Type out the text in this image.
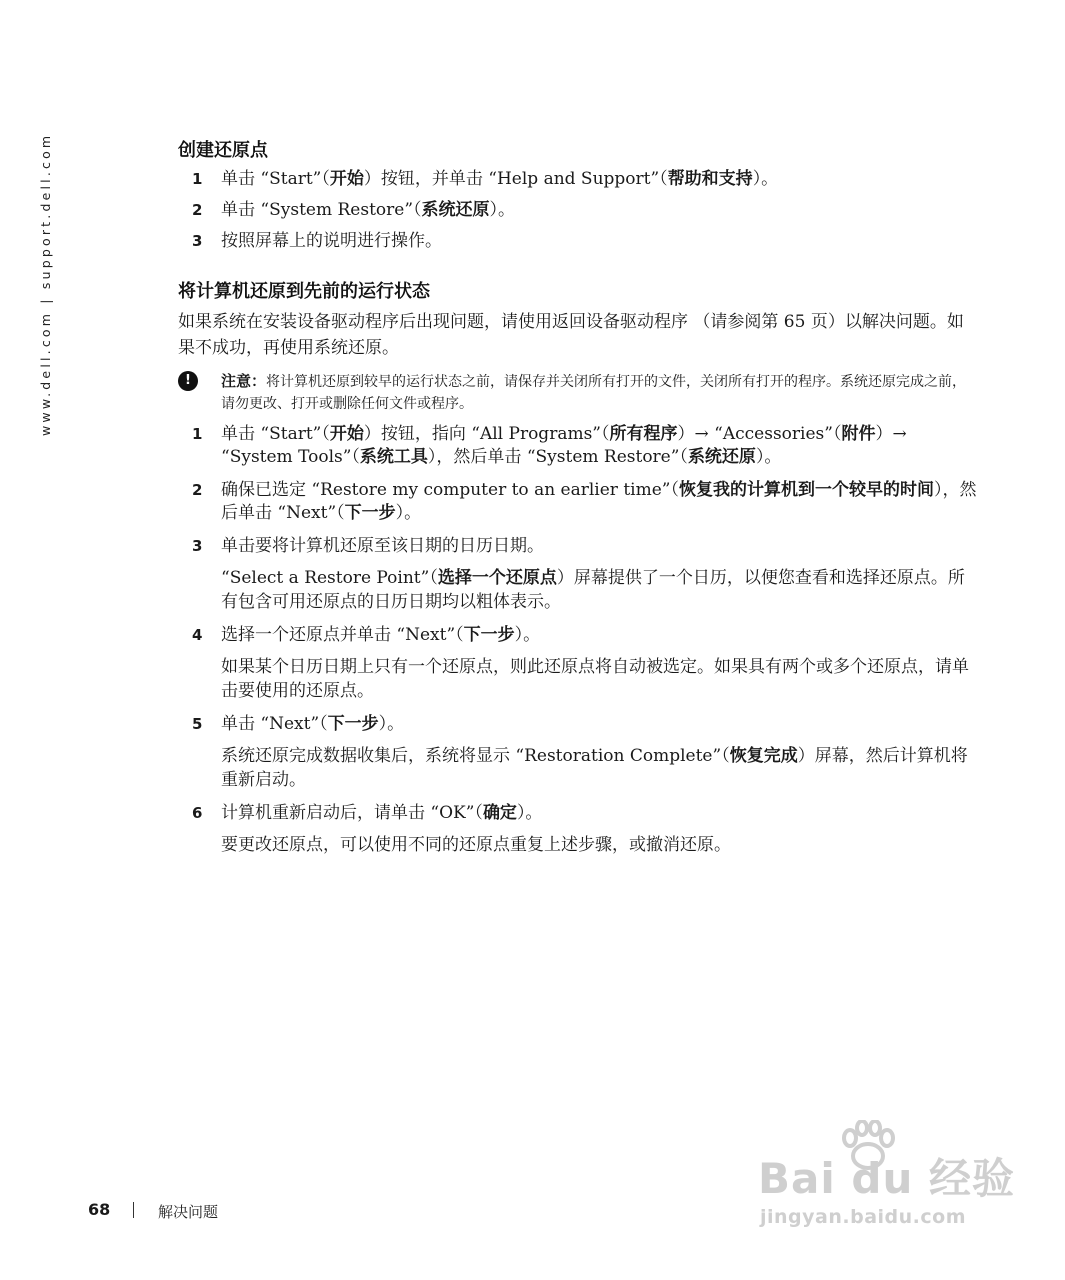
www.dell.com | support.dell.com	创建还原点
1 单击 “Start”（开始）按钮，并单击 “Help and Support”（帮助和支持）。
2 单击 “System Restore”（系统还原）。
3 按照屏幕上的说明进行操作。
将计算机还原到先前的运行状态
如果系统在安装设备驱动程序后出现问题，请使用返回设备驱动程序 （请参阅第 65 页）以解决问题。如果不成功，再使用系统还原。
!	注意：将计算机还原到较早的运行状态之前，请保存并关闭所有打开的文件，关闭所有打开的程序。系统还原完成之前，请勿更改、打开或删除任何文件或程序。
1 单击 “Start”（开始）按钮，指向 “All Programs”（所有程序）→ “Accessories”（附件）→ “System Tools”（系统工具），然后单击 “System Restore”（系统还原）。
2 确保已选定 “Restore my computer to an earlier time”（恢复我的计算机到一个较早的时间），然后单击 “Next”（下一步）。
3 单击要将计算机还原至该日期的日历日期。
“Select a Restore Point”（选择一个还原点）屏幕提供了一个日历，以便您查看和选择还原点。所有包含可用还原点的日历日期均以粗体表示。
4 选择一个还原点并单击 “Next”（下一步）。
如果某个日历日期上只有一个还原点，则此还原点将自动被选定。如果具有两个或多个还原点，请单击要使用的还原点。
5 单击 “Next”（下一步）。
系统还原完成数据收集后，系统将显示 “Restoration Complete”（恢复完成）屏幕，然后计算机将重新启动。
6 计算机重新启动后，请单击 “OK”（确定）。
要更改还原点，可以使用不同的还原点重复上述步骤，或撤消还原。
68	解决问题
Bai du 经验
jingyan.baidu.com
